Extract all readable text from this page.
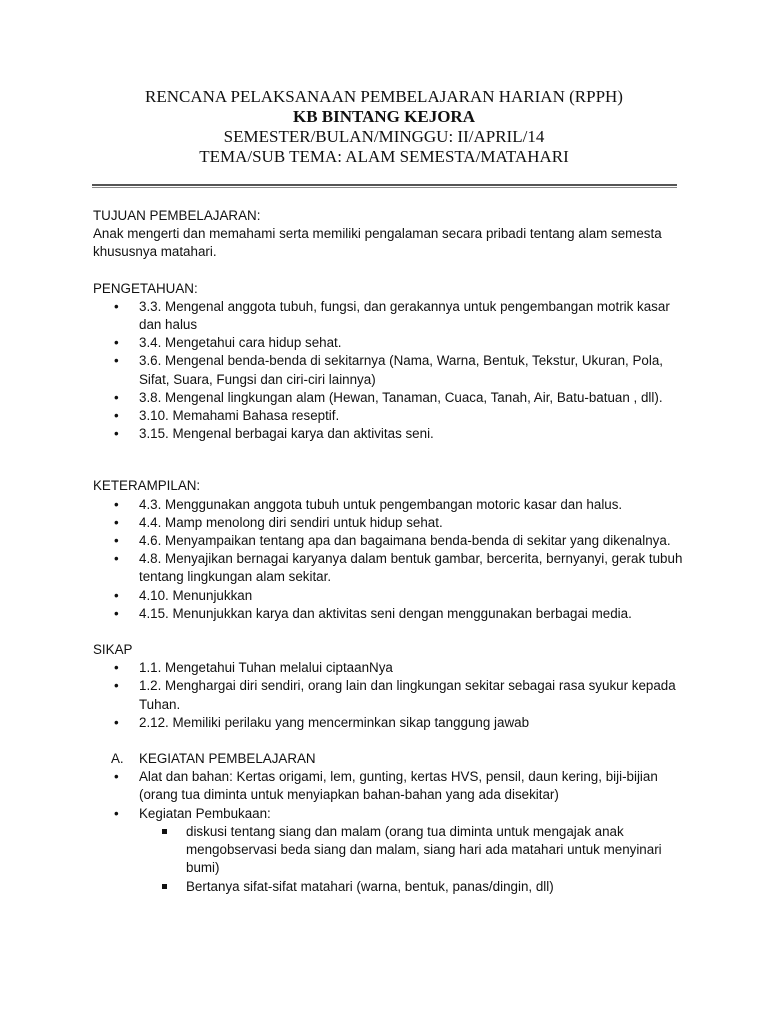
RENCANA PELAKSANAAN PEMBELAJARAN HARIAN (RPPH)
KB BINTANG KEJORA
SEMESTER/BULAN/MINGGU: II/APRIL/14
TEMA/SUB TEMA: ALAM SEMESTA/MATAHARI

TUJUAN PEMBELAJARAN:

Anak mengerti dan memahami serta memiliki pengalaman secara pribadi tentang alam semesta khususnya matahari.

PENGETAHUAN:

• 3.3. Mengenal anggota tubuh, fungsi, dan gerakannya untuk pengembangan motrik kasar dan halus
• 3.4. Mengetahui cara hidup sehat.
• 3.6. Mengenal benda-benda di sekitarnya (Nama, Warna, Bentuk, Tekstur, Ukuran, Pola, Sifat, Suara, Fungsi dan ciri-ciri lainnya)
• 3.8. Mengenal lingkungan alam (Hewan, Tanaman, Cuaca, Tanah, Air, Batu-batuan , dll).
• 3.10. Memahami Bahasa reseptif.
• 3.15. Mengenal berbagai karya dan aktivitas seni.

KETERAMPILAN:

• 4.3. Menggunakan anggota tubuh untuk pengembangan motoric kasar dan halus.
• 4.4. Mamp menolong diri sendiri untuk hidup sehat.
• 4.6. Menyampaikan tentang apa dan bagaimana benda-benda di sekitar yang dikenalnya.
• 4.8. Menyajikan bernagai karyanya dalam bentuk gambar, bercerita, bernyanyi, gerak tubuh tentang lingkungan alam sekitar.
• 4.10. Menunjukkan
• 4.15. Menunjukkan karya dan aktivitas seni dengan menggunakan berbagai media.

SIKAP

• 1.1. Mengetahui Tuhan melalui ciptaanNya
• 1.2. Menghargai diri sendiri, orang lain dan lingkungan sekitar sebagai rasa syukur kepada Tuhan.
• 2.12. Memiliki perilaku yang mencerminkan sikap tanggung jawab
A. KEGIATAN PEMBELAJARAN
• Alat dan bahan: Kertas origami, lem, gunting, kertas HVS, pensil, daun kering, biji-bijian (orang tua diminta untuk menyiapkan bahan-bahan yang ada disekitar)
• Kegiatan Pembukaan:
diskusi tentang siang dan malam (orang tua diminta untuk mengajak anak mengobservasi beda siang dan malam, siang hari ada matahari untuk menyinari bumi)
Bertanya sifat-sifat matahari (warna, bentuk, panas/dingin, dll)
